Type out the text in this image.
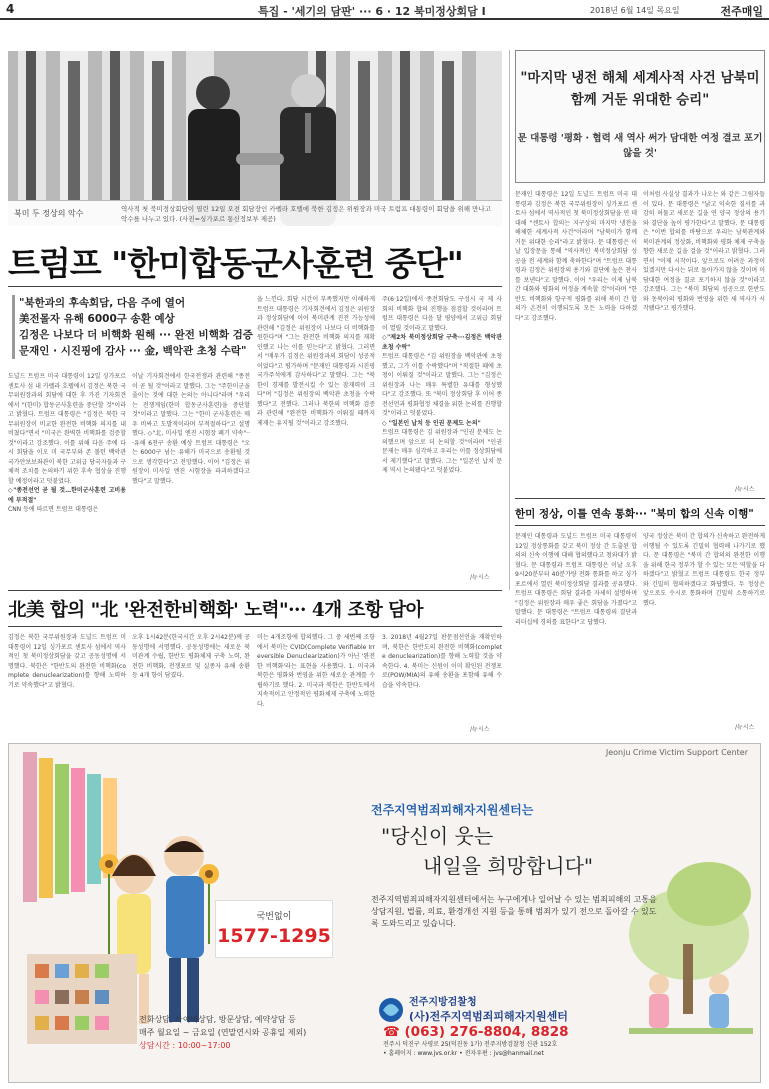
4	특집 - '세기의 담판' ··· 6 · 12 북미정상회담 Ⅰ	2018년 6월 14일 목요일	전주매일
북미 두 정상의 악수	역사적 첫 북미정상회담이 열린 12일 오전 회담장인 카펠라 호텔에 북한 김정은 위원장과 미국 트럼프 대통령이 회담을 위해 만나고 악수를 나누고 있다. (사진=싱가포르 통신정보부 제공)
트럼프 "한미합동군사훈련 중단"
"북한과의 후속회담, 다음 주에 열어
美전몰자 유해 6000구 송환 예상
김정은 나보다 더 비핵화 원해 ··· 완전 비핵화 검증
문재인 · 시진핑에 감사 ··· 金, 백악관 초청 수락"
도널드 트럼프 미국 대통령이 12일 싱가포르 센토사 섬 내 카펠라 호텔에서 김정은 북한 국무위원장과의 회담에 대한 후 가진 기자회견에서 "(한미) 합동군사훈련을 중단할 것"이라고 밝혔다. 트럼프 대통령은 "김정은 북한 국무위원장이 비교한 완전한 비핵화 의지를 내비쳤다"면서 "미국은 완벽한 비핵화를 검증할 것"이라고 강조했다. 이를 위해 다음 주에 다시 회담을 이오 미 국무부와 존 볼턴 백악관 국가안보보좌관이 북한 고위급 당국자들과 구체적 조치를 논의하기 위한 후속 협상을 진행할 예정이라고 덧붙였다.
◇"종전선언 곧 될 것…한미군사훈련 고비용에 부적절"
CNN 등에 따르면 트럼프 대통령은
이날 기자회견에서 한국전쟁과 관련해 "종전이 곧 될 것"이라고 말했다. 그는 "주한미군을 줄이는 것에 대한 논의는 아니다"라며 "우리는 전쟁게임(한미 합동군사훈련)을 중단할 것"이라고 말했다. 그는 "한미 군사훈련은 매우 비싸고 도발적이라며 부적절하다"고 설명했다. ◇"北, 미사일 엔진 시험장 폐기 약속"···유해 6천구 송환 예상 트럼프 대통령은 "오는 6000구 넘는 유해가 미국으로 송환될 것으로 생각한다"고 전망했다. 이어 "김정은 위원장이 미사일 엔진 시험장을 파괴하겠다고 했다"고 말했다.
을 느낀다. 회담 시간이 부족했지만 이해하게 트럼프 대통령은 기자회견에서 김정은 위원장과 정상회담에 이어 북미관계 진전 가능성에 관련해 "김정은 위원장이 나보다 더 비핵화를 원한다"며 "그는 완전한 비핵화 의지를 재확인했고 나는 이를 믿는다"고 밝혔다. 그러면서 "매우가 김정은 위원장과의 회담이 성공적이었다"고 평가하며 "문재인 대통령과 시진핑 국가주석에게 감사하다"고 말했다. 그는 "북한이 경제를 발전시킬 수 있는 잠재력이 크다"며 "김정은 위원장의 백악관 초청을 수락했다"고 전했다. 그러나 북한의 비핵화 검증과 관련해 "완전한 비핵화가 이뤄질 때까지 제재는 유지될 것"이라고 강조했다.
주(6·12일)에서 종전회담도 구성시 국 제 사회의 비핵화 합의 진행을 점검할 것이라며 트럼프 대통령은 다음 달 평양에서 고위급 회담이 열릴 것이라고 말했다.
◇"제2차 북미정상회담 구축···김정은 백악관 초청 수락"
트럼프 대통령은 "김 위원장을 백악관에 초청했고, 그가 이를 수락했다"며 "적절한 때에 초청이 이뤄질 것"이라고 말했다. 그는 "김정은 위원장과 나는 매우 특별한 유대를 형성했다"고 강조했다. 또 "북미 정상회담 후 이어 종전선언과 평화협정 체결을 위한 논의를 진행할 것"이라고 덧붙였다.
◇ "일본인 납치 등 인권 문제도 논의"
트럼프 대통령은 김 위원장과 "인권 문제도 논의했으며 앞으로 더 논의할 것"이라며 "인권 문제는 매우 심각하고 우리는 이를 정상회담에서 제기했다"고 말했다. 그는 "일본인 납치 문제 역시 논의됐다"고 덧붙였다.
/뉴시스
"마지막 냉전 해체 세계사적 사건 남북미 함께 거둔 위대한 승리"
문 대통령 '평화 · 협력 새 역사 써가 담대한 여정 결코 포기 않을 것'
문재인 대통령은 12일 도널드 트럼프 미국 대통령과 김정은 북한 국무위원장이 싱가포르 센토사 섬에서 역사적인 첫 북미정상회담을 연 데 대해 "센토사 합의는 지구상의 마지막 냉전을 해체한 세계사적 사건"이라며 "남북미가 함께 거둔 위대한 승리"라고 밝혔다. 문 대통령은 이날 입장문을 통해 "역사적인 북미정상회담 성공을 전 세계와 함께 축하한다"며 "트럼프 대통령과 김정은 위원장의 용기와 결단에 높은 찬사를 보낸다"고 말했다. 이어 "우리는 이제 남북 간 대화와 평화의 여정을 계속할 것"이라며 "한반도 비핵화와 항구적 평화를 위해 북미 간 합의가 온전히 이행되도록 모든 노력을 다하겠다"고 강조했다.
이처럼 사실상 결과가 나오는 와 같은 그림자들이 있다. 문 대통령은 "낡고 익숙한 질서를 과감히 허물고 새로운 길을 연 양국 정상의 용기와 결단을 높이 평가한다"고 말했다. 문 대통령은 "이번 합의를 바탕으로 우리는 남북관계와 북미관계의 정상화, 비핵화와 평화 체제 구축을 향한 새로운 길을 걸을 것"이라고 밝혔다. 그러면서 "이제 시작이다. 앞으로도 어려운 과정이 있겠지만 다시는 뒤로 돌아가지 않을 것이며 이 담대한 여정을 결코 포기하지 않을 것"이라고 강조했다. 그는 "북미 회담의 성공으로 한반도와 동북아의 평화와 번영을 위한 새 역사가 시작됐다"고 평가했다.
/뉴시스
한미 정상, 이틀 연속 통화··· "북미 합의 신속 이행"
문재인 대통령과 도널드 트럼프 미국 대통령이 12일 정상통화를 갖고 북미 정상 간 도출된 합의의 신속 이행에 대해 협의했다고 청와대가 밝혔다. 문 대통령과 트럼프 대통령은 이날 오후 9시20분부터 40분가량 전화 통화를 하고 싱가포르에서 열린 북미정상회담 결과를 공유했다. 트럼프 대통령은 회담 결과를 자세히 설명하며 "김정은 위원장과 매우 좋은 회담을 가졌다"고 말했다. 문 대통령은 "트럼프 대통령의 결단과 리더십에 경의를 표한다"고 답했다.
양국 정상은 북미 간 합의가 신속하고 완전하게 이행될 수 있도록 긴밀히 협력해 나가기로 했다. 문 대통령은 "북미 간 합의의 완전한 이행을 위해 한국 정부가 할 수 있는 모든 역할을 다하겠다"고 밝혔고 트럼프 대통령도 한국 정부와 긴밀히 협의하겠다고 화답했다. 두 정상은 앞으로도 수시로 통화하며 긴밀히 소통하기로 했다.
/뉴시스
北美 합의 "北 '완전한비핵화' 노력"··· 4개 조항 담아
김정은 북한 국무위원장과 도널드 트럼프 미 대통령이 12일 싱가포르 센토사 섬에서 역사적인 첫 북미정상회담을 갖고 공동성명에 서명했다. 북한은 "한반도의 완전한 비핵화(complete denuclearization)를 향해 노력하기로 약속했다"고 밝혔다.
오후 1시42분(한국시간 오후 2시42분)께 공동성명에 서명했다. 공동성명에는 새로운 북미관계 수립, 한반도 평화체제 구축 노력, 완전한 비핵화, 전쟁포로 및 실종자 유해 송환 등 4개 항이 담겼다.
미는 4개조항에 합의했다. 그 중 세번째 조항에서 북미는 CVID(Complete Verifiable Irreversible Denuclearization)가 아닌 '완전한 비핵화'라는 표현을 사용했다. 1. 미국과 북한은 평화와 번영을 위한 새로운 관계를 수립하기로 했다. 2. 미국과 북한은 한반도에서 지속적이고 안정적인 평화체제 구축에 노력한다.
3. 2018년 4월27일 판문점선언을 재확인하며, 북한은 한반도의 완전한 비핵화(complete denuclearization)를 향해 노력할 것을 약속한다. 4. 북미는 신원이 이미 확인된 전쟁포로(POW/MIA)의 유해 송환을 포함해 유해 수습을 약속한다.
/뉴시스
Jeonju Crime Victim Support Center
전주지역범죄피해자지원센터는
"당신이 웃는
내일을 희망합니다"
전주지역범죄피해자지원센터에서는 누구에게나 일어날 수 있는 범죄피해의 고통을 상담지원, 법률, 의료, 환경개선 지원 등을 통해 범죄가 있기 전으로 돌아갈 수 있도록 도와드리고 있습니다.
국번없이
1577-1295
전화상담, 사이버상담, 방문상담, 예약상담 등
매주 월요일 ~ 금요일 (연말연시와 공휴일 제외)
상담시간 : 10:00~17:00
전주지방검찰청
(사)전주지역범죄피해자지원센터
☎ (063) 276-8804, 8828
전주시 덕진구 사평로 25(덕진동 1가) 전주지방검찰청 신관 152호
• 홈페이지 : www.jvs.or.kr • 전자우편 : jvs@hanmail.net
